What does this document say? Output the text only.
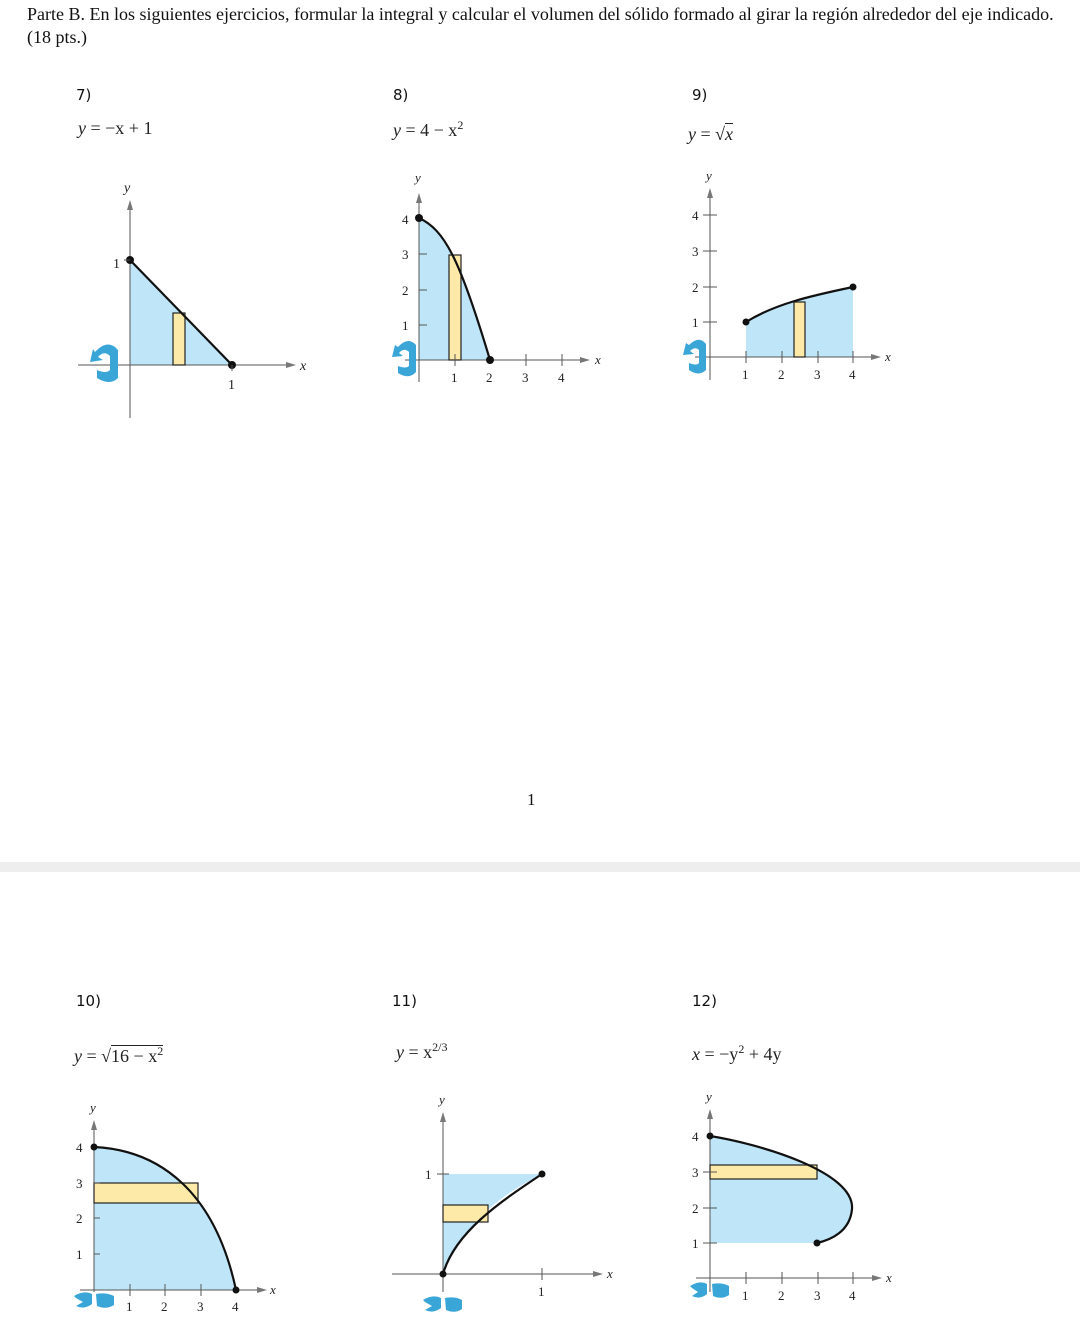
Parte B. En los siguientes ejercicios, formular la integral y calcular el volumen del sólido formado al girar la región alrededor del eje indicado. (18 pts.)
7)
y = −x + 1
1
1
y
x
8)
$y = 4 - x^2$
4
3
2
1
1 2 3 4
y
x
9)
y = √x
4
3
2
1
1 2 3 4
y
x
1
10)
$y = √16 - x^2$
11)
$y = x^{2/3}$
12)
$x = -y^2 + 4y$
4
3
2
1
1 2 3 4
y
x
1
1
y
x
4
3
2
1
1 2 3 4
y
x
